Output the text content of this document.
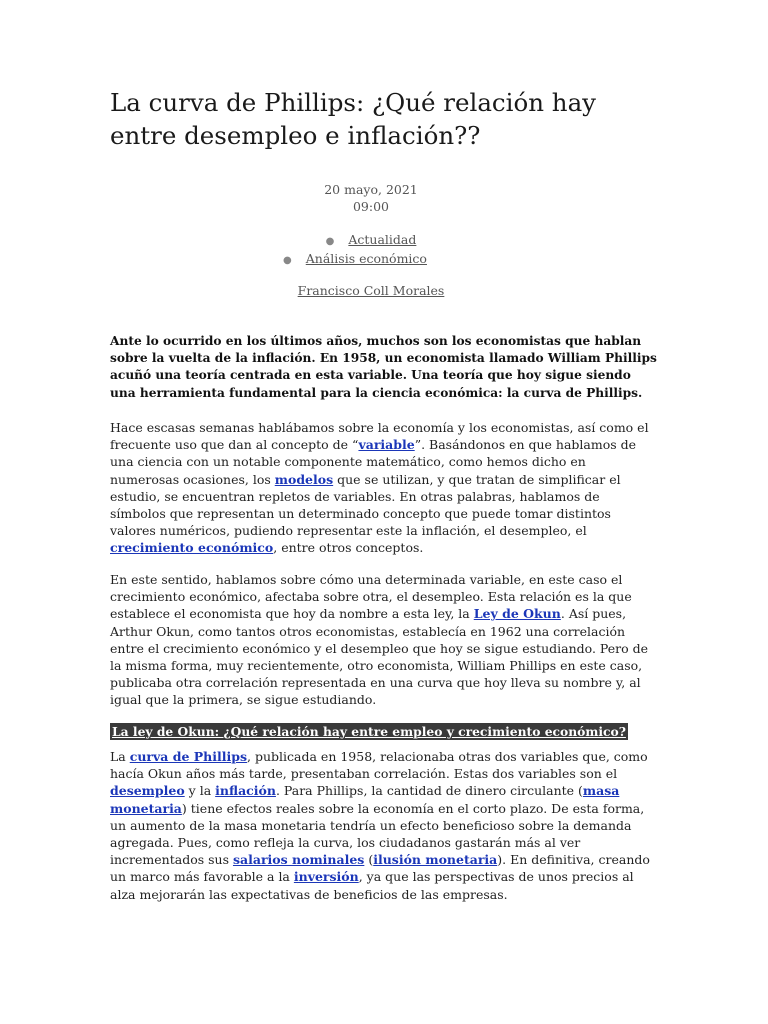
La curva de Phillips: ¿Qué relación hay entre desempleo e inflación??
20 mayo, 2021
09:00
● Actualidad
● Análisis económico
Francisco Coll Morales

Ante lo ocurrido en los últimos años, muchos son los economistas que hablan sobre la vuelta de la inflación. En 1958, un economista llamado William Phillips acuñó una teoría centrada en esta variable. Una teoría que hoy sigue siendo una herramienta fundamental para la ciencia económica: la curva de Phillips.

Hace escasas semanas hablábamos sobre la economía y los economistas, así como el frecuente uso que dan al concepto de “variable”. Basándonos en que hablamos de una ciencia con un notable componente matemático, como hemos dicho en numerosas ocasiones, los modelos que se utilizan, y que tratan de simplificar el estudio, se encuentran repletos de variables. En otras palabras, hablamos de símbolos que representan un determinado concepto que puede tomar distintos valores numéricos, pudiendo representar este la inflación, el desempleo, el crecimiento económico, entre otros conceptos.

En este sentido, hablamos sobre cómo una determinada variable, en este caso el crecimiento económico, afectaba sobre otra, el desempleo. Esta relación es la que establece el economista que hoy da nombre a esta ley, la Ley de Okun. Así pues, Arthur Okun, como tantos otros economistas, establecía en 1962 una correlación entre el crecimiento económico y el desempleo que hoy se sigue estudiando. Pero de la misma forma, muy recientemente, otro economista, William Phillips en este caso, publicaba otra correlación representada en una curva que hoy lleva su nombre y, al igual que la primera, se sigue estudiando.

La ley de Okun: ¿Qué relación hay entre empleo y crecimiento económico?

La curva de Phillips, publicada en 1958, relacionaba otras dos variables que, como hacía Okun años más tarde, presentaban correlación. Estas dos variables son el desempleo y la inflación. Para Phillips, la cantidad de dinero circulante (masa monetaria) tiene efectos reales sobre la economía en el corto plazo. De esta forma, un aumento de la masa monetaria tendría un efecto beneficioso sobre la demanda agregada. Pues, como refleja la curva, los ciudadanos gastarán más al ver incrementados sus salarios nominales (ilusión monetaria). En definitiva, creando un marco más favorable a la inversión, ya que las perspectivas de unos precios al alza mejorarán las expectativas de beneficios de las empresas.
